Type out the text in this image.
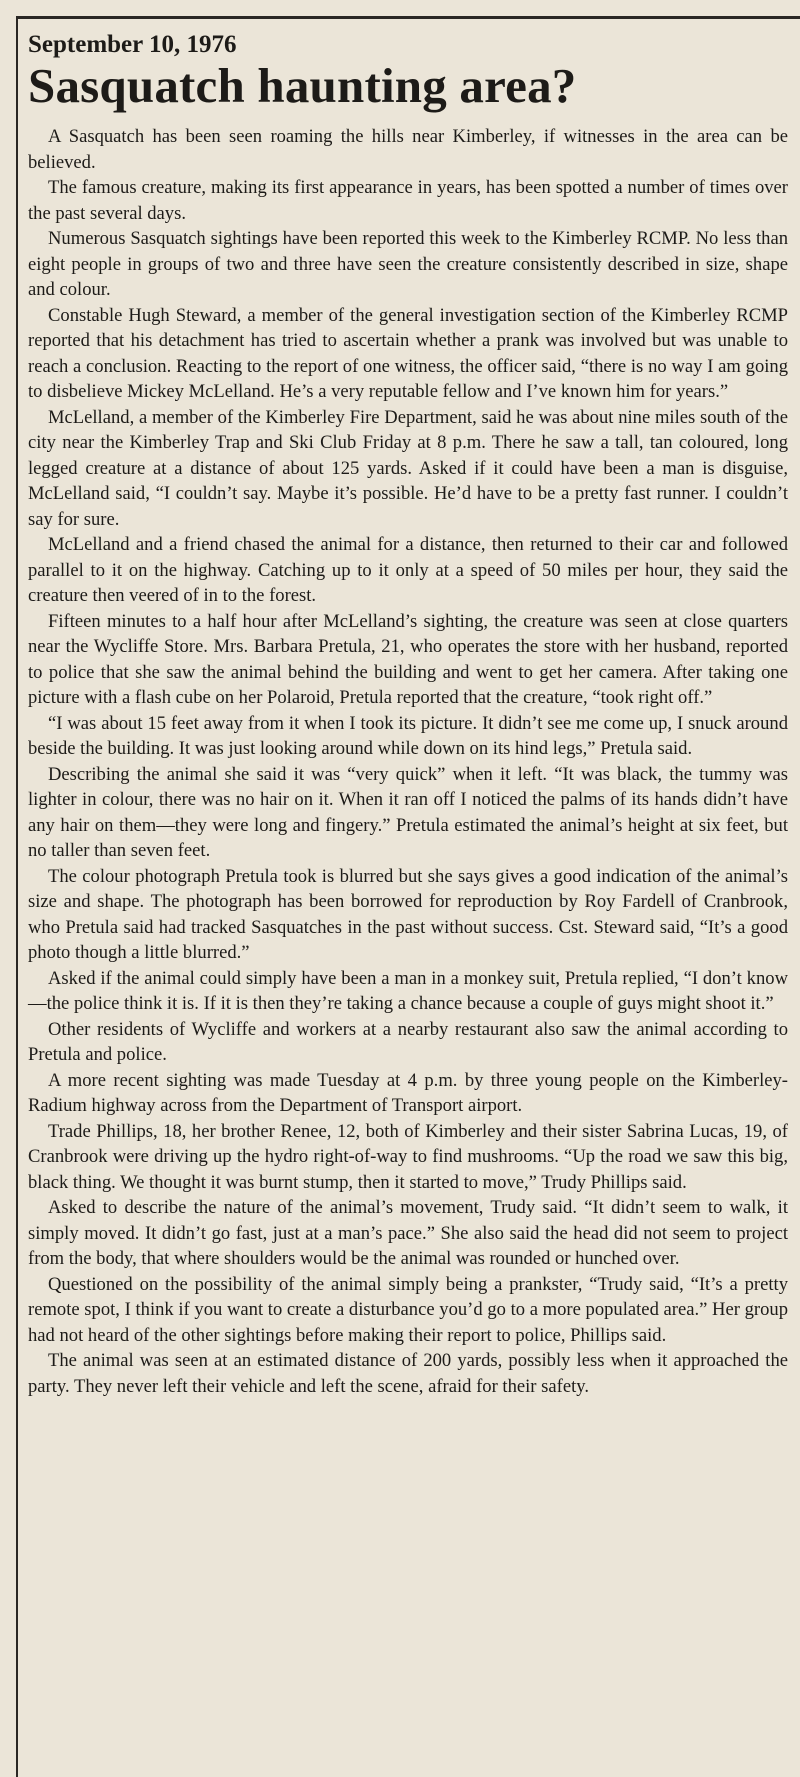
September 10, 1976
Sasquatch haunting area?

A Sasquatch has been seen roaming the hills near Kimberley, if witnesses in the area can be believed.

The famous creature, making its first appearance in years, has been spotted a number of times over the past several days.

Numerous Sasquatch sightings have been reported this week to the Kimberley RCMP. No less than eight people in groups of two and three have seen the creature consistently described in size, shape and colour.

Constable Hugh Steward, a member of the general investigation section of the Kimberley RCMP reported that his detachment has tried to ascertain whether a prank was involved but was unable to reach a conclusion. Reacting to the report of one witness, the officer said, “there is no way I am going to disbelieve Mickey McLelland. He’s a very reputable fellow and I’ve known him for years.”

McLelland, a member of the Kimberley Fire Department, said he was about nine miles south of the city near the Kimberley Trap and Ski Club Friday at 8 p.m. There he saw a tall, tan coloured, long legged creature at a distance of about 125 yards. Asked if it could have been a man is disguise, McLelland said, “I couldn’t say. Maybe it’s possible. He’d have to be a pretty fast runner. I couldn’t say for sure.

McLelland and a friend chased the animal for a distance, then returned to their car and followed parallel to it on the highway. Catching up to it only at a speed of 50 miles per hour, they said the creature then veered of in to the forest.

Fifteen minutes to a half hour after McLelland’s sighting, the creature was seen at close quarters near the Wycliffe Store. Mrs. Barbara Pretula, 21, who operates the store with her husband, reported to police that she saw the animal behind the building and went to get her camera. After taking one picture with a flash cube on her Polaroid, Pretula reported that the creature, “took right off.”

“I was about 15 feet away from it when I took its picture. It didn’t see me come up, I snuck around beside the building. It was just looking around while down on its hind legs,” Pretula said.

Describing the animal she said it was “very quick” when it left. “It was black, the tummy was lighter in colour, there was no hair on it. When it ran off I noticed the palms of its hands didn’t have any hair on them—they were long and fingery.” Pretula estimated the animal’s height at six feet, but no taller than seven feet.

The colour photograph Pretula took is blurred but she says gives a good indication of the animal’s size and shape. The photograph has been borrowed for reproduction by Roy Fardell of Cranbrook, who Pretula said had tracked Sasquatches in the past without success. Cst. Steward said, “It’s a good photo though a little blurred.”

Asked if the animal could simply have been a man in a monkey suit, Pretula replied, “I don’t know—the police think it is. If it is then they’re taking a chance because a couple of guys might shoot it.”

Other residents of Wycliffe and workers at a nearby restaurant also saw the animal according to Pretula and police.

A more recent sighting was made Tuesday at 4 p.m. by three young people on the Kimberley-Radium highway across from the Department of Transport airport.

Trade Phillips, 18, her brother Renee, 12, both of Kimberley and their sister Sabrina Lucas, 19, of Cranbrook were driving up the hydro right-of-way to find mushrooms. “Up the road we saw this big, black thing. We thought it was burnt stump, then it started to move,” Trudy Phillips said.

Asked to describe the nature of the animal’s movement, Trudy said. “It didn’t seem to walk, it simply moved. It didn’t go fast, just at a man’s pace.” She also said the head did not seem to project from the body, that where shoulders would be the animal was rounded or hunched over.

Questioned on the possibility of the animal simply being a prankster, “Trudy said, “It’s a pretty remote spot, I think if you want to create a disturbance you’d go to a more populated area.” Her group had not heard of the other sightings before making their report to police, Phillips said.

The animal was seen at an estimated distance of 200 yards, possibly less when it approached the party. They never left their vehicle and left the scene, afraid for their safety.
